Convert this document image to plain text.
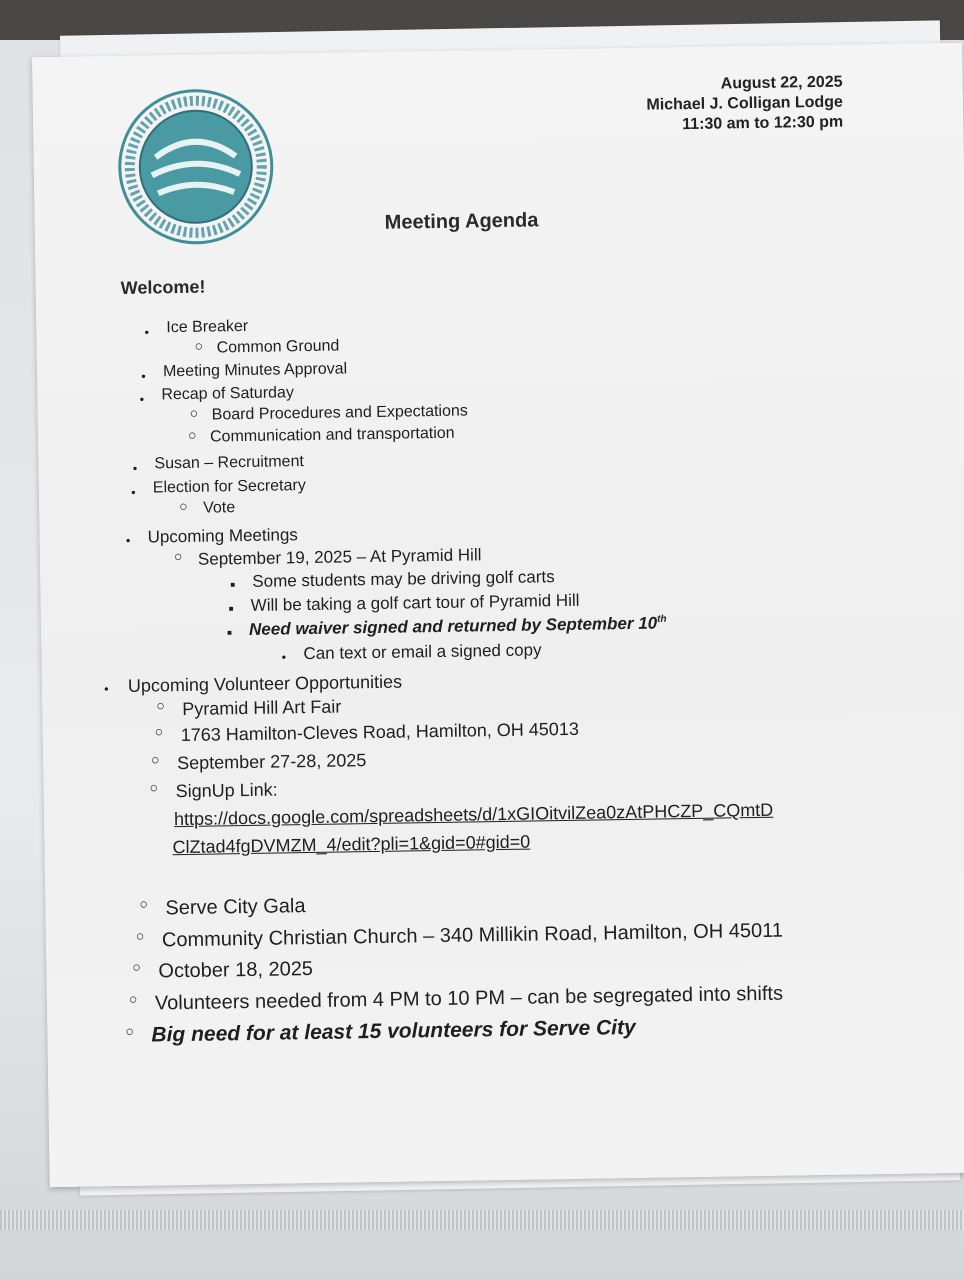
August 22, 2025
Michael J. Colligan Lodge
11:30 am to 12:30 pm
Meeting Agenda
Welcome!
●
Ice Breaker
○
Common Ground
●
Meeting Minutes Approval
●
Recap of Saturday
○
Board Procedures and Expectations
○
Communication and transportation
●
Susan – Recruitment
●
Election for Secretary
○
Vote
●
Upcoming Meetings
○
September 19, 2025 – At Pyramid Hill
■
Some students may be driving golf carts
■
Will be taking a golf cart tour of Pyramid Hill
■
Need waiver signed and returned by September 10th
●
Can text or email a signed copy
●
Upcoming Volunteer Opportunities
○
Pyramid Hill Art Fair
○
1763 Hamilton-Cleves Road, Hamilton, OH 45013
○
September 27-28, 2025
○
SignUp Link:
https://docs.google.com/spreadsheets/d/1xGIOitvilZea0zAtPHCZP_CQmtD
ClZtad4fgDVMZM_4/edit?pli=1&gid=0#gid=0
○
Serve City Gala
○
Community Christian Church – 340 Millikin Road, Hamilton, OH 45011
○
October 18, 2025
○
Volunteers needed from 4 PM to 10 PM – can be segregated into shifts
○
Big need for at least 15 volunteers for Serve City
